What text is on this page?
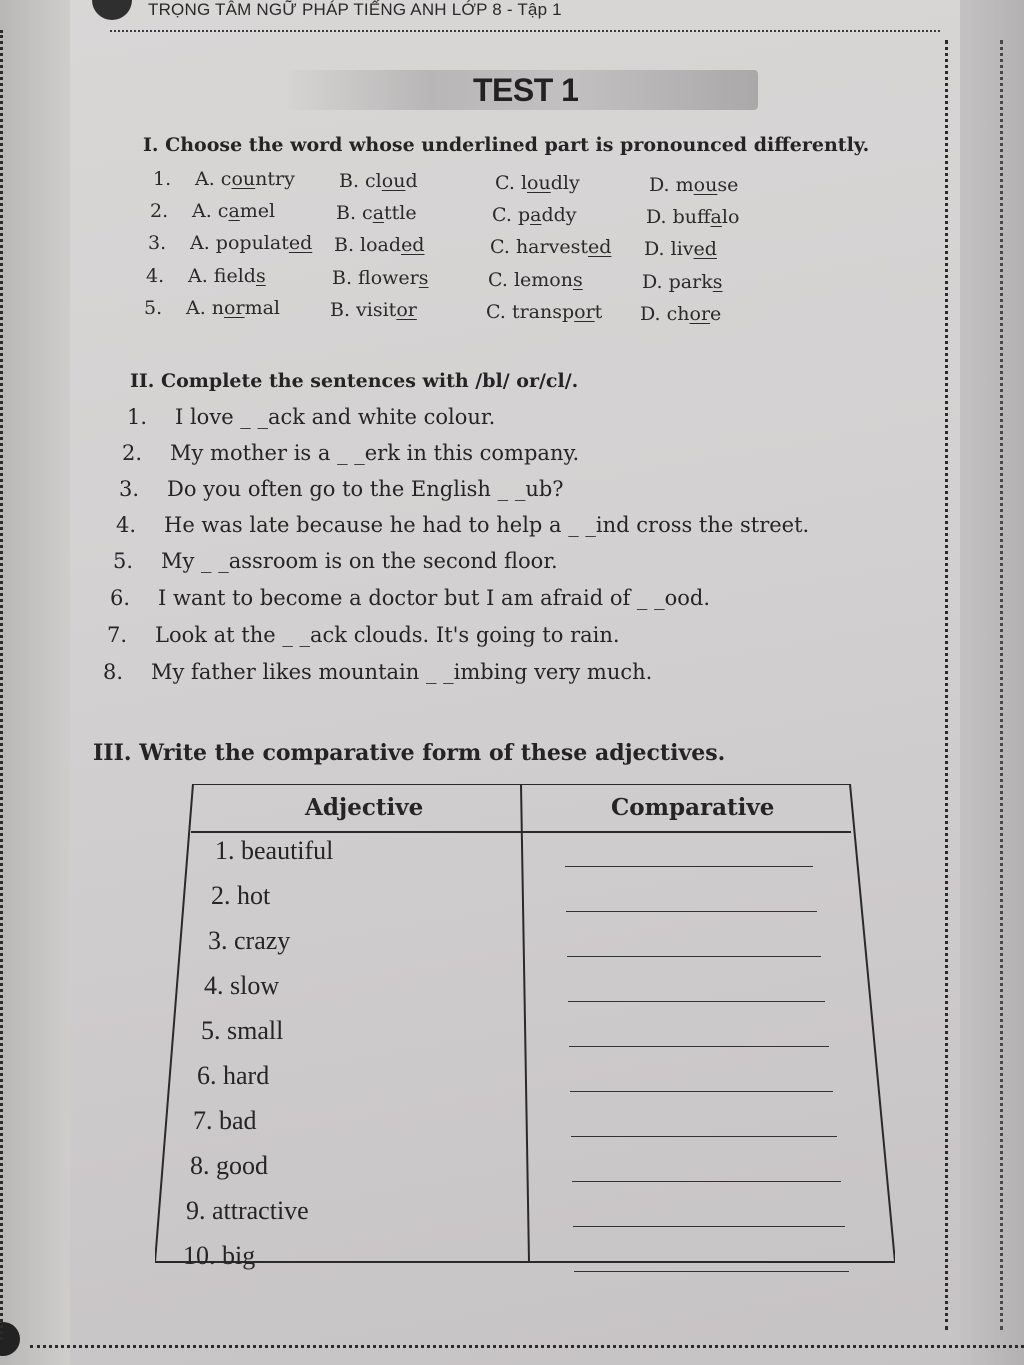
TRỌNG TÂM NGỮ PHÁP TIẾNG ANH LỚP 8 - Tập 1
TEST 1
I. Choose the word whose underlined part is pronounced differently.
1. A. country B. cloud	C. loudly	D. mouse
2. A. camel	B. cattle	C. paddy	D. buffalo
3. A. populated B. loaded	C. harvested D. lived
4. A. fields	B. flowers	C. lemons	D. parks
5. A. normal	B. visitor	C. transport D. chore
II. Complete the sentences with /bl/ or/cl/.
1. I love _ _ack and white colour.
2. My mother is a _ _erk in this company.
3. Do you often go to the English _ _ub?
4. He was late because he had to help a _ _ind cross the street.
5. My _ _assroom is on the second floor.
6. I want to become a doctor but I am afraid of _ _ood.
7. Look at the _ _ack clouds. It's going to rain.
8. My father likes mountain _ _imbing very much.
III. Write the comparative form of these adjectives.
Adjective	Comparative
1. beautiful
2. hot
3. crazy
4. slow
5. small
6. hard
7. bad
8. good
9. attractive
10. big
